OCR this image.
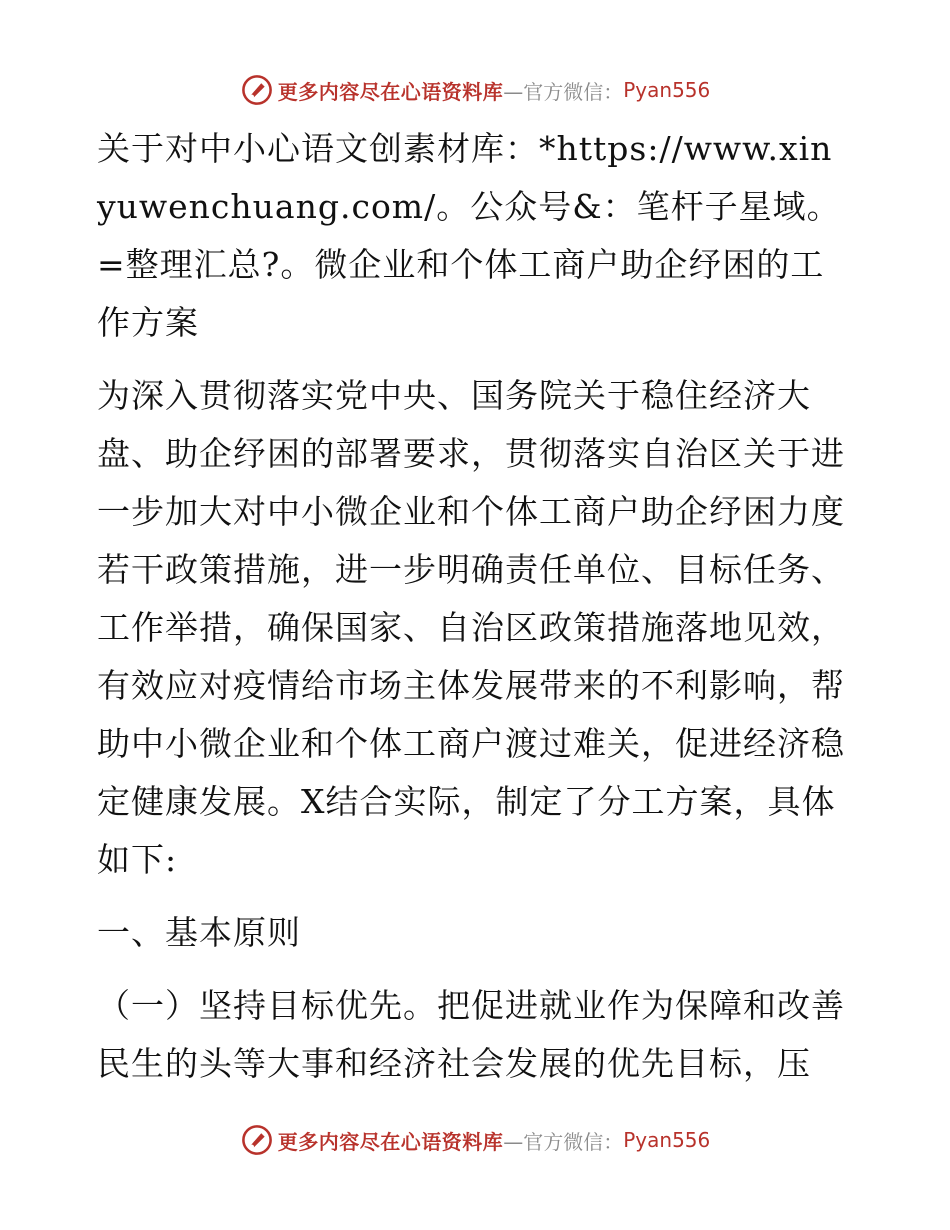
更多内容尽在心语资料库 —官方微信： Pyan556

关于对中小心语文创素材库：*https://www.xinyuwenchuang.com/。公众号&：笔杆子星域。=整理汇总?。微企业和个体工商户助企纾困的工作方案

为深入贯彻落实党中央、国务院关于稳住经济大盘、助企纾困的部署要求，贯彻落实自治区关于进一步加大对中小微企业和个体工商户助企纾困力度若干政策措施，进一步明确责任单位、目标任务、工作举措，确保国家、自治区政策措施落地见效，有效应对疫情给市场主体发展带来的不利影响，帮助中小微企业和个体工商户渡过难关，促进经济稳定健康发展。X结合实际，制定了分工方案，具体如下:

一、基本原则

（一）坚持目标优先。把促进就业作为保障和改善民生的头等大事和经济社会发展的优先目标，压

更多内容尽在心语资料库 —官方微信： Pyan556
